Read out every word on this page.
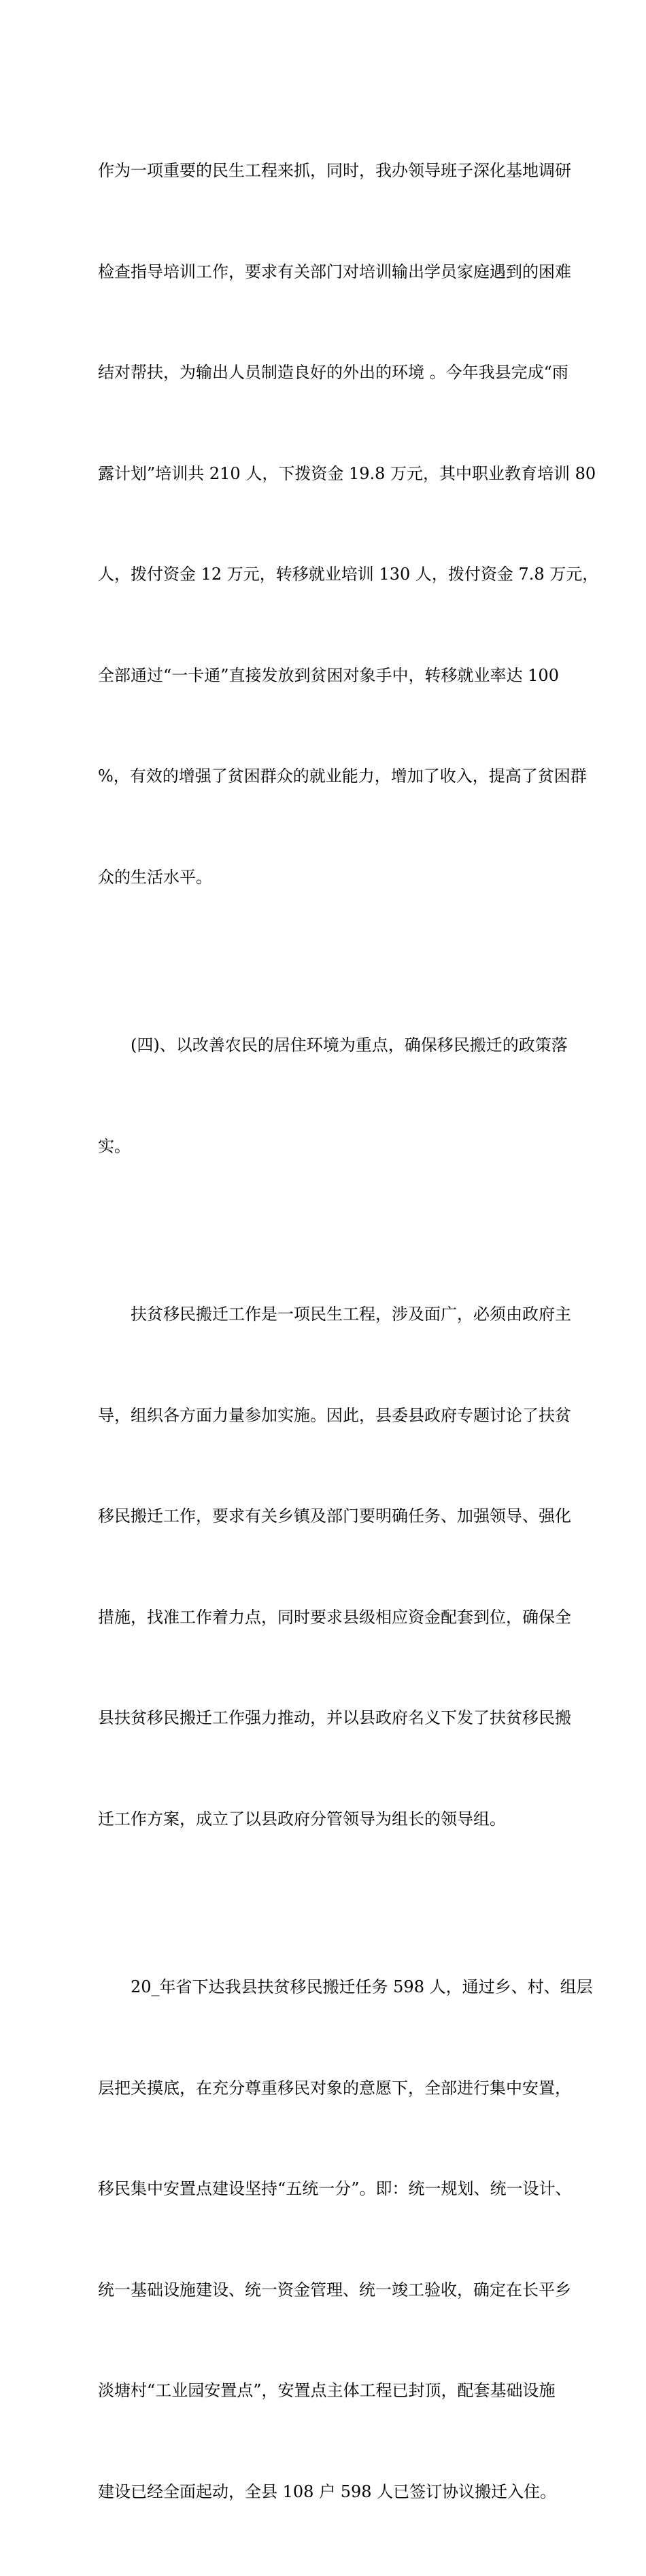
作为一项重要的民生工程来抓，同时，我办领导班子深化基地调研

检查指导培训工作，要求有关部门对培训输出学员家庭遇到的困难

结对帮扶，为输出人员制造良好的外出的环境 。今年我县完成“雨

露计划”培训共 210 人，下拨资金 19.8 万元，其中职业教育培训 80

人，拨付资金 12 万元，转移就业培训 130 人，拨付资金 7.8 万元，

全部通过“一卡通”直接发放到贫困对象手中，转移就业率达 100

%，有效的增强了贫困群众的就业能力，增加了收入，提高了贫困群

众的生活水平。

(四)、以改善农民的居住环境为重点，确保移民搬迁的政策落

实。

扶贫移民搬迁工作是一项民生工程，涉及面广，必须由政府主

导，组织各方面力量参加实施。因此，县委县政府专题讨论了扶贫

移民搬迁工作，要求有关乡镇及部门要明确任务、加强领导、强化

措施，找准工作着力点，同时要求县级相应资金配套到位，确保全

县扶贫移民搬迁工作强力推动，并以县政府名义下发了扶贫移民搬

迁工作方案，成立了以县政府分管领导为组长的领导组。

20_年省下达我县扶贫移民搬迁任务 598 人，通过乡、村、组层

层把关摸底，在充分尊重移民对象的意愿下，全部进行集中安置，

移民集中安置点建设坚持“五统一分”。即：统一规划、统一设计、

统一基础设施建设、统一资金管理、统一竣工验收，确定在长平乡

淡塘村“工业园安置点”，安置点主体工程已封顶，配套基础设施

建设已经全面起动，全县 108 户 598 人已签订协议搬迁入住。
